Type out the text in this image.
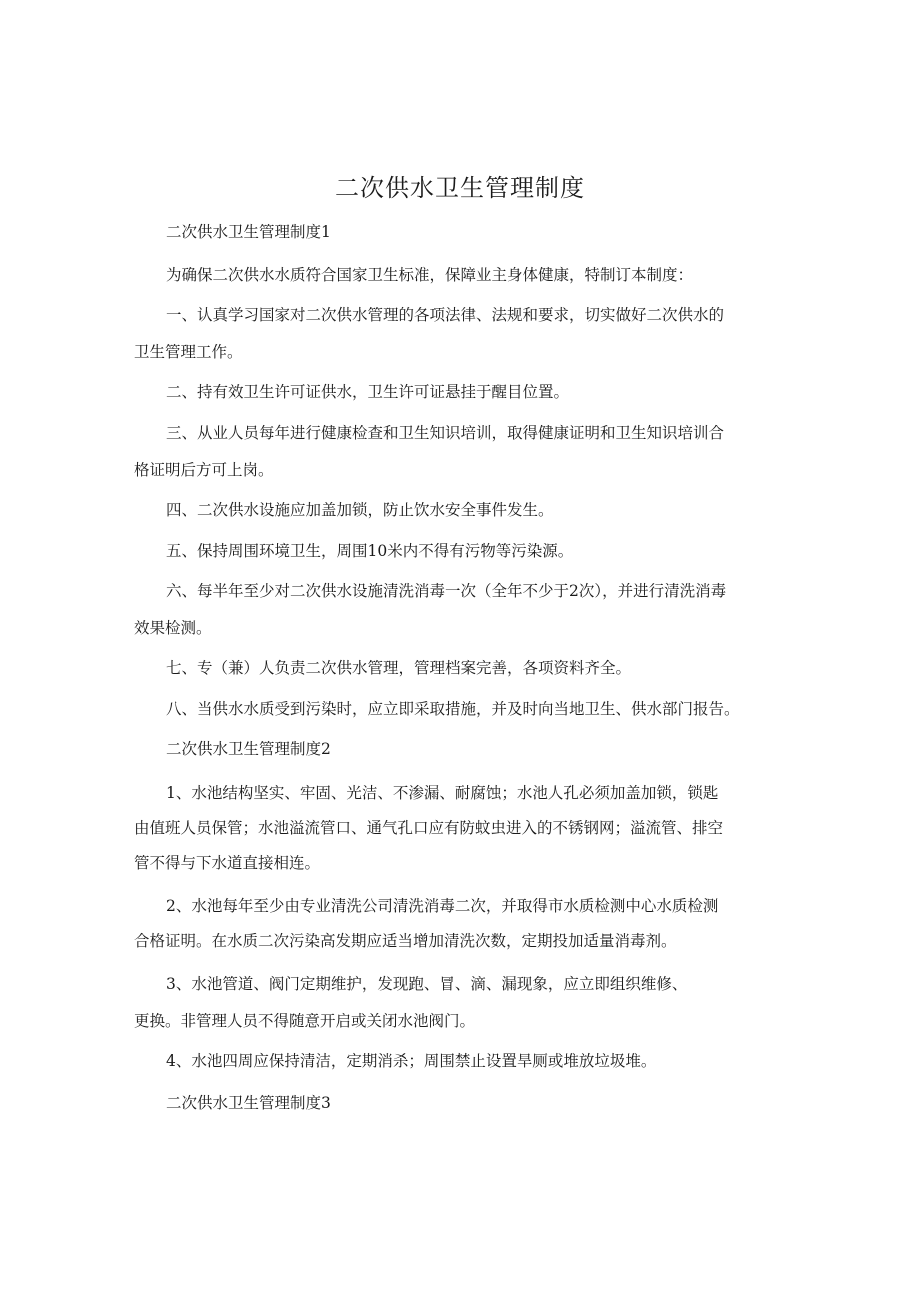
二次供水卫生管理制度
二次供水卫生管理制度1
为确保二次供水水质符合国家卫生标准，保障业主身体健康，特制订本制度：
一、认真学习国家对二次供水管理的各项法律、法规和要求，切实做好二次供水的
卫生管理工作。
二、持有效卫生许可证供水，卫生许可证悬挂于醒目位置。
三、从业人员每年进行健康检查和卫生知识培训，取得健康证明和卫生知识培训合
格证明后方可上岗。
四、二次供水设施应加盖加锁，防止饮水安全事件发生。
五、保持周围环境卫生，周围10米内不得有污物等污染源。
六、每半年至少对二次供水设施清洗消毒一次（全年不少于2次），并进行清洗消毒
效果检测。
七、专（兼）人负责二次供水管理，管理档案完善，各项资料齐全。
八、当供水水质受到污染时，应立即采取措施，并及时向当地卫生、供水部门报告。
二次供水卫生管理制度2
1、水池结构坚实、牢固、光洁、不渗漏、耐腐蚀；水池人孔必须加盖加锁，锁匙
由值班人员保管；水池溢流管口、通气孔口应有防蚊虫进入的不锈钢网；溢流管、排空
管不得与下水道直接相连。
2、水池每年至少由专业清洗公司清洗消毒二次，并取得市水质检测中心水质检测
合格证明。在水质二次污染高发期应适当增加清洗次数，定期投加适量消毒剂。
3、水池管道、阀门定期维护，发现跑、冒、滴、漏现象，应立即组织维修、
更换。非管理人员不得随意开启或关闭水池阀门。
4、水池四周应保持清洁，定期消杀；周围禁止设置旱厕或堆放垃圾堆。
二次供水卫生管理制度3
